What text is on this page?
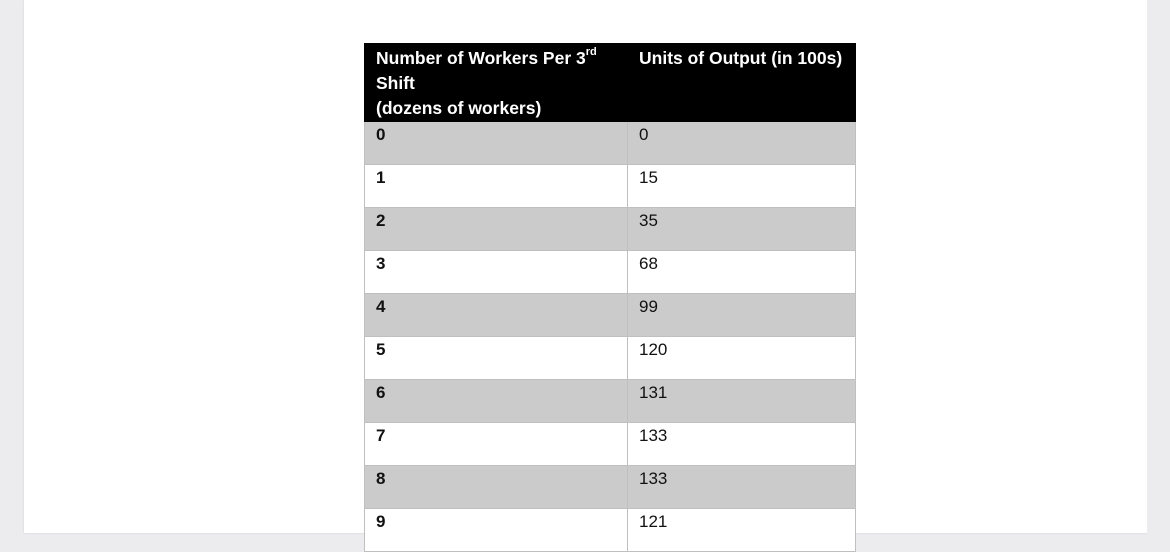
Number of Workers Per 3rd
Shift
(dozens of workers)	Units of Output (in 100s)
0	0
1	15
2	35
3	68
4	99
5	120
6	131
7	133
8	133
9	121
